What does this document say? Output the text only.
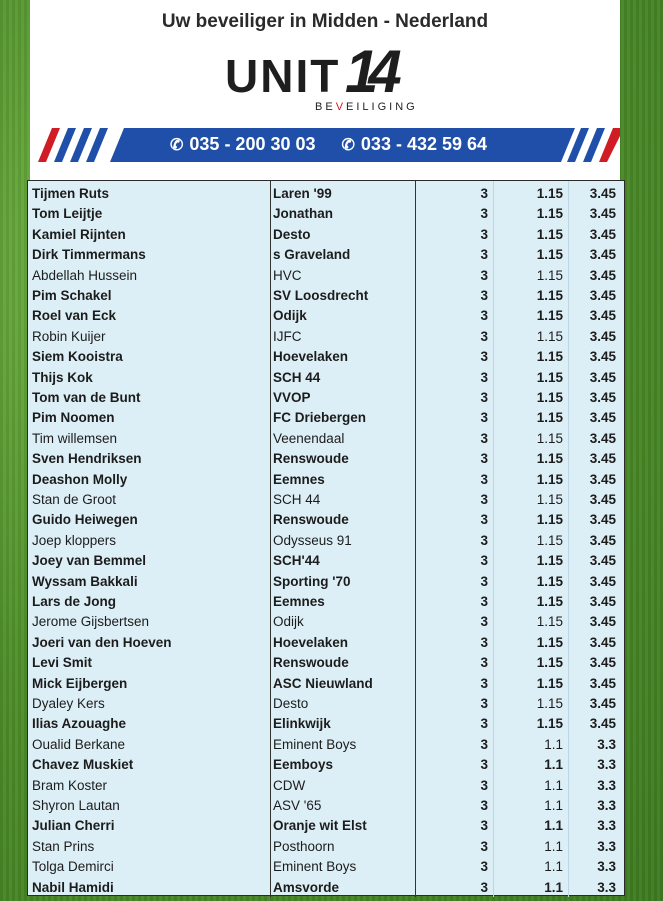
Uw beveiliger in Midden - Nederland
UNIT 14
BEVEILIGING
✆ 035 - 200 30 03 ✆ 033 - 432 59 64
Tijmen Ruts	Laren '99	3	1.15	3.45
Tom Leijtje	Jonathan	3	1.15	3.45
Kamiel Rijnten	Desto	3	1.15	3.45
Dirk Timmermans	s Graveland	3	1.15	3.45
Abdellah Hussein	HVC	3	1.15	3.45
Pim Schakel	SV Loosdrecht	3	1.15	3.45
Roel van Eck	Odijk	3	1.15	3.45
Robin Kuijer	IJFC	3	1.15	3.45
Siem Kooistra	Hoevelaken	3	1.15	3.45
Thijs Kok	SCH 44	3	1.15	3.45
Tom van de Bunt	VVOP	3	1.15	3.45
Pim Noomen	FC Driebergen	3	1.15	3.45
Tim willemsen	Veenendaal	3	1.15	3.45
Sven Hendriksen	Renswoude	3	1.15	3.45
Deashon Molly	Eemnes	3	1.15	3.45
Stan de Groot	SCH 44	3	1.15	3.45
Guido Heiwegen	Renswoude	3	1.15	3.45
Joep kloppers	Odysseus 91	3	1.15	3.45
Joey van Bemmel	SCH'44	3	1.15	3.45
Wyssam Bakkali	Sporting '70	3	1.15	3.45
Lars de Jong	Eemnes	3	1.15	3.45
Jerome Gijsbertsen	Odijk	3	1.15	3.45
Joeri van den Hoeven	Hoevelaken	3	1.15	3.45
Levi Smit	Renswoude	3	1.15	3.45
Mick Eijbergen	ASC Nieuwland	3	1.15	3.45
Dyaley Kers	Desto	3	1.15	3.45
Ilias Azouaghe	Elinkwijk	3	1.15	3.45
Oualid Berkane	Eminent Boys	3	1.1	3.3
Chavez Muskiet	Eemboys	3	1.1	3.3
Bram Koster	CDW	3	1.1	3.3
Shyron Lautan	ASV '65	3	1.1	3.3
Julian Cherri	Oranje wit Elst	3	1.1	3.3
Stan Prins	Posthoorn	3	1.1	3.3
Tolga Demirci	Eminent Boys	3	1.1	3.3
Nabil Hamidi	Amsvorde	3	1.1	3.3
